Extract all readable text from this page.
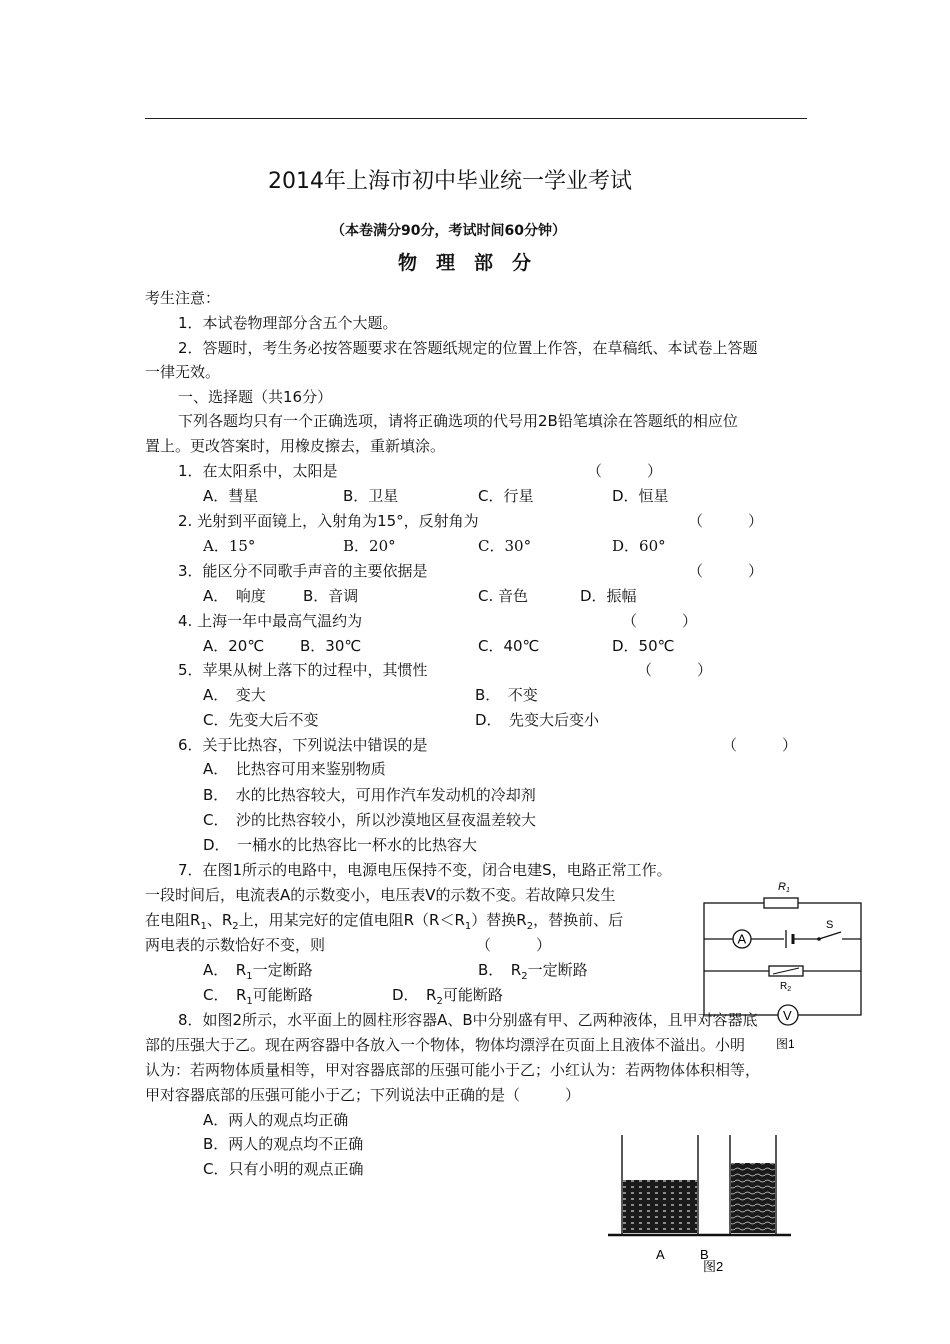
2014年上海市初中毕业统一学业考试
（本卷满分90分，考试时间60分钟）
物　理　部　分
考生注意：
1．本试卷物理部分含五个大题。
2．答题时，考生务必按答题要求在答题纸规定的位置上作答，在草稿纸、本试卷上答题
一律无效。
一、选择题（共16分）
下列各题均只有一个正确选项，请将正确选项的代号用2B铅笔填涂在答题纸的相应位
置上。更改答案时，用橡皮擦去，重新填涂。
1．在太阳系中，太阳是	（　　　）
A．彗星	B．卫星	C．行星	D．恒星
2. 光射到平面镜上，入射角为15°，反射角为	（　　　）
A．15°	B．20°	C．30°	D．60°
3．能区分不同歌手声音的主要依据是	（　　　）
A．　响度 B．音调	C. 音色	D．振幅
4. 上海一年中最高气温约为	（　　　）
A．20℃ B．30℃	C．40℃	D．50℃
5．苹果从树上落下的过程中，其惯性	（　　　）
A．　变大	B．　不变
C．先变大后不变	D．　先变大后变小
6．关于比热容，下列说法中错误的是	（　　　）
A．　比热容可用来鉴别物质
B．　水的比热容较大，可用作汽车发动机的冷却剂
C．　沙的比热容较小，所以沙漠地区昼夜温差较大
D．　一桶水的比热容比一杯水的比热容大
7．在图1所示的电路中，电源电压保持不变，闭合电建S，电路正常工作。
一段时间后，电流表A的示数变小，电压表V的示数不变。若故障只发生
在电阻$R_1$、$R_2$上，用某完好的定值电阻$R(R<R_1)$替换$R_2$，替换前、后
两电表的示数恰好不变，则	（　　　）
A．　$R_1$一定断路	B．　$R_2$一定断路
C．　$R_1$可能断路	D．　$R_2$可能断路
R1
A
S
$R_2$
V
图1
8．如图2所示，水平面上的圆柱形容器A、B中分别盛有甲、乙两种液体，且甲对容器底
部的压强大于乙。现在两容器中各放入一个物体，物体均漂浮在页面上且液体不溢出。小明
认为：若两物体质量相等，甲对容器底部的压强可能小于乙；小红认为：若两物体体积相等，
甲对容器底部的压强可能小于乙；下列说法中正确的是（　　　）
A．两人的观点均正确
B．两人的观点均不正确
C．只有小明的观点正确
A	B
图2
